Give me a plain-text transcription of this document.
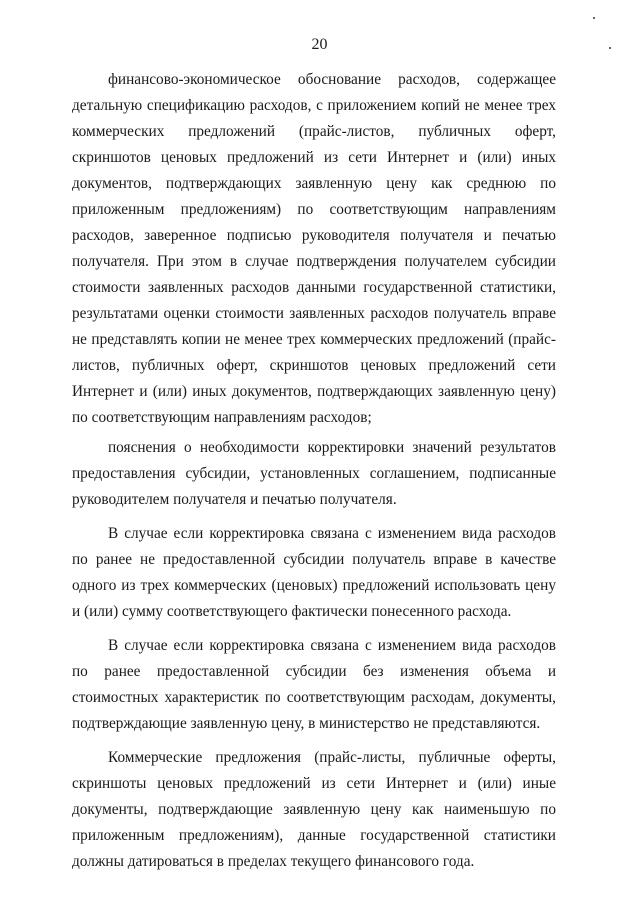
20

финансово-экономическое обоснование расходов, содержащее детальную спецификацию расходов, с приложением копий не менее трех коммерческих предложений (прайс-листов, публичных оферт, скриншотов ценовых предложений из сети Интернет и (или) иных документов, подтверждающих заявленную цену как среднюю по приложенным предложениям) по соответствующим направлениям расходов, заверенное подписью руководителя получателя и печатью получателя. При этом в случае подтверждения получателем субсидии стоимости заявленных расходов данными государственной статистики, результатами оценки стоимости заявленных расходов получатель вправе не представлять копии не менее трех коммерческих предложений (прайс-листов, публичных оферт, скриншотов ценовых предложений сети Интернет и (или) иных документов, подтверждающих заявленную цену) по соответствующим направлениям расходов;

пояснения о необходимости корректировки значений результатов предоставления субсидии, установленных соглашением, подписанные руководителем получателя и печатью получателя.

В случае если корректировка связана с изменением вида расходов по ранее не предоставленной субсидии получатель вправе в качестве одного из трех коммерческих (ценовых) предложений использовать цену и (или) сумму соответствующего фактически понесенного расхода.

В случае если корректировка связана с изменением вида расходов по ранее предоставленной субсидии без изменения объема и стоимостных характеристик по соответствующим расходам, документы, подтверждающие заявленную цену, в министерство не представляются.

Коммерческие предложения (прайс-листы, публичные оферты, скриншоты ценовых предложений из сети Интернет и (или) иные документы, подтверждающие заявленную цену как наименьшую по приложенным предложениям), данные государственной статистики должны датироваться в пределах текущего финансового года.
